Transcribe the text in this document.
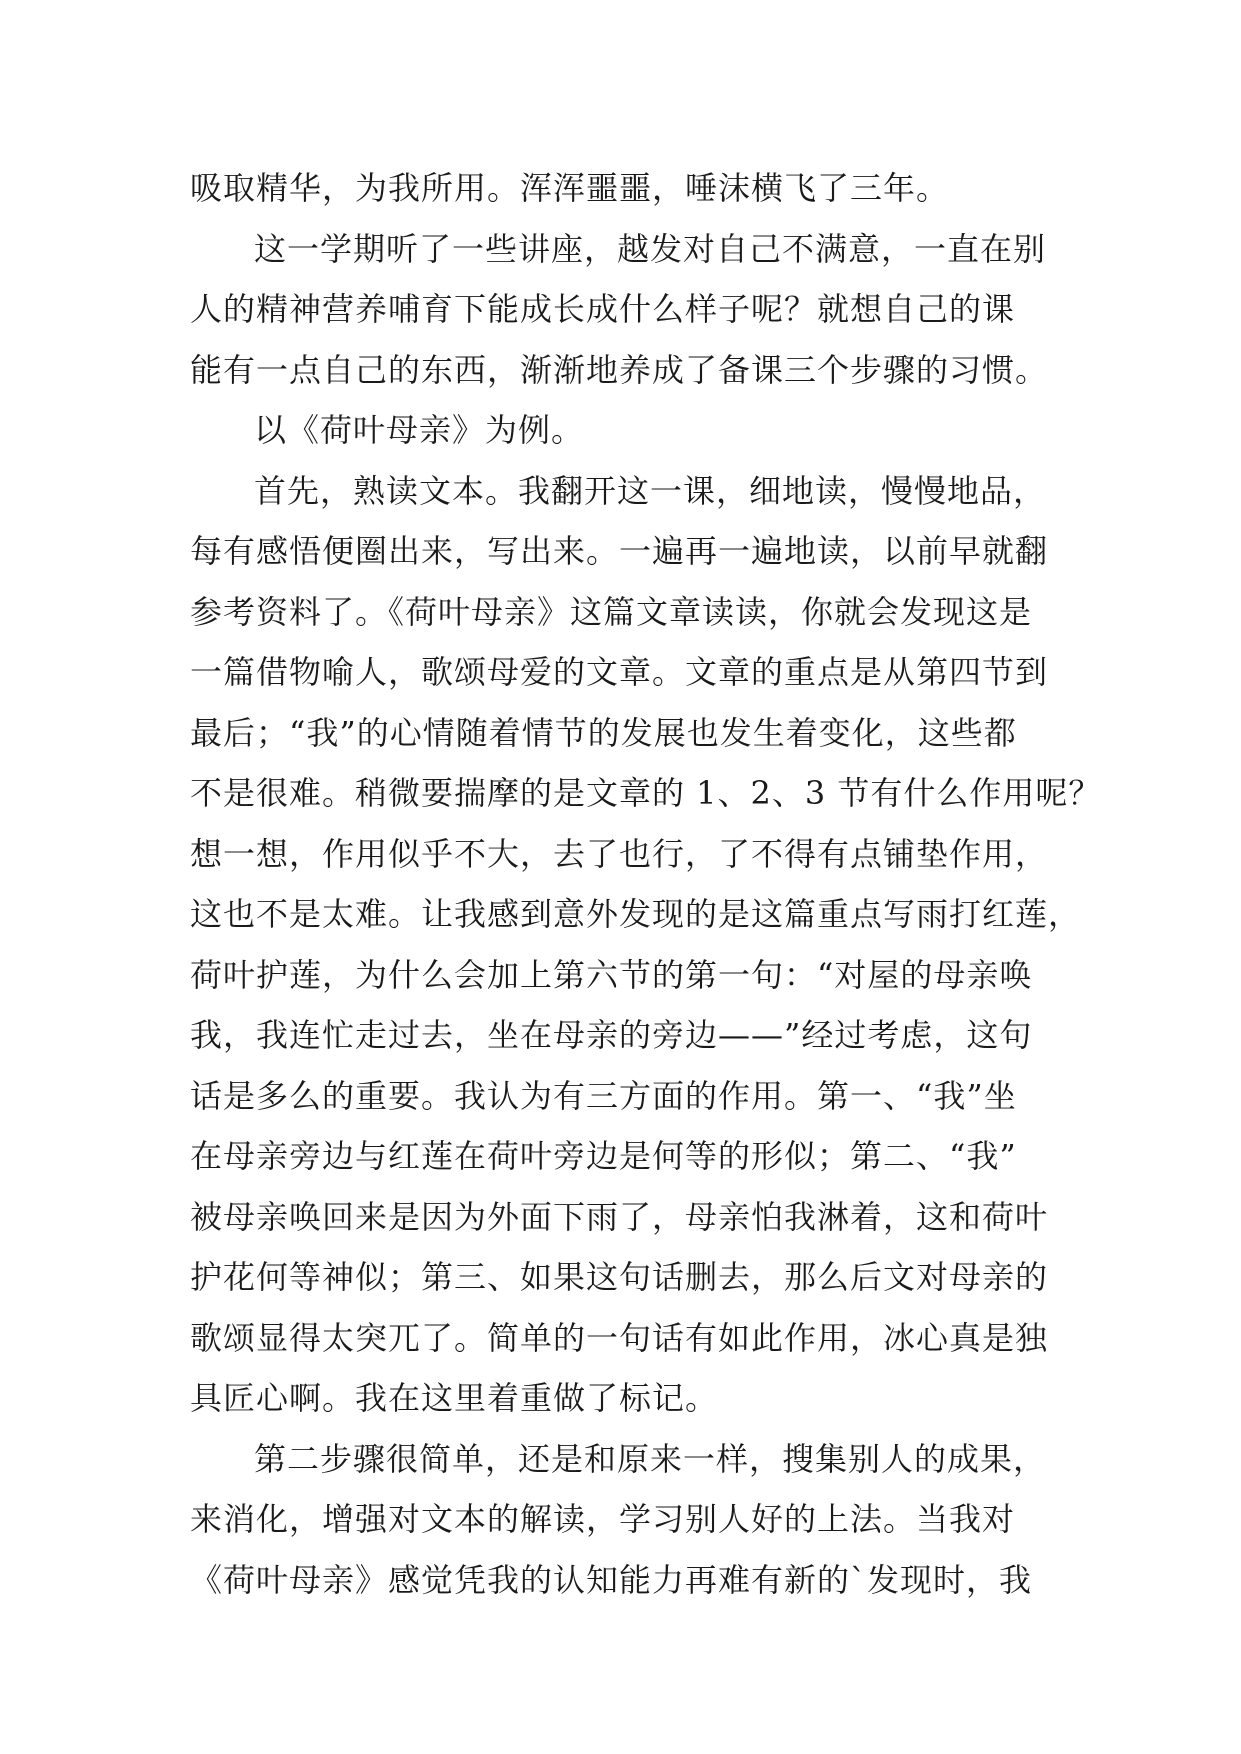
吸取精华，为我所用。浑浑噩噩，唾沫横飞了三年。
这一学期听了一些讲座，越发对自己不满意，一直在别
人的精神营养哺育下能成长成什么样子呢？就想自己的课
能有一点自己的东西，渐渐地养成了备课三个步骤的习惯。
以《荷叶母亲》为例。
首先，熟读文本。我翻开这一课，细地读，慢慢地品，
每有感悟便圈出来，写出来。一遍再一遍地读，以前早就翻
参考资料了。《荷叶母亲》这篇文章读读，你就会发现这是
一篇借物喻人，歌颂母爱的文章。文章的重点是从第四节到
最后；“我”的心情随着情节的发展也发生着变化，这些都
不是很难。稍微要揣摩的是文章的 1、2、3 节有什么作用呢？
想一想，作用似乎不大，去了也行，了不得有点铺垫作用，
这也不是太难。让我感到意外发现的是这篇重点写雨打红莲，
荷叶护莲，为什么会加上第六节的第一句：“对屋的母亲唤
我，我连忙走过去，坐在母亲的旁边——”经过考虑，这句
话是多么的重要。我认为有三方面的作用。第一、“我”坐
在母亲旁边与红莲在荷叶旁边是何等的形似；第二、“我”
被母亲唤回来是因为外面下雨了，母亲怕我淋着，这和荷叶
护花何等神似；第三、如果这句话删去，那么后文对母亲的
歌颂显得太突兀了。简单的一句话有如此作用，冰心真是独
具匠心啊。我在这里着重做了标记。
第二步骤很简单，还是和原来一样，搜集别人的成果，
来消化，增强对文本的解读，学习别人好的上法。当我对
《荷叶母亲》感觉凭我的认知能力再难有新的`发现时，我
